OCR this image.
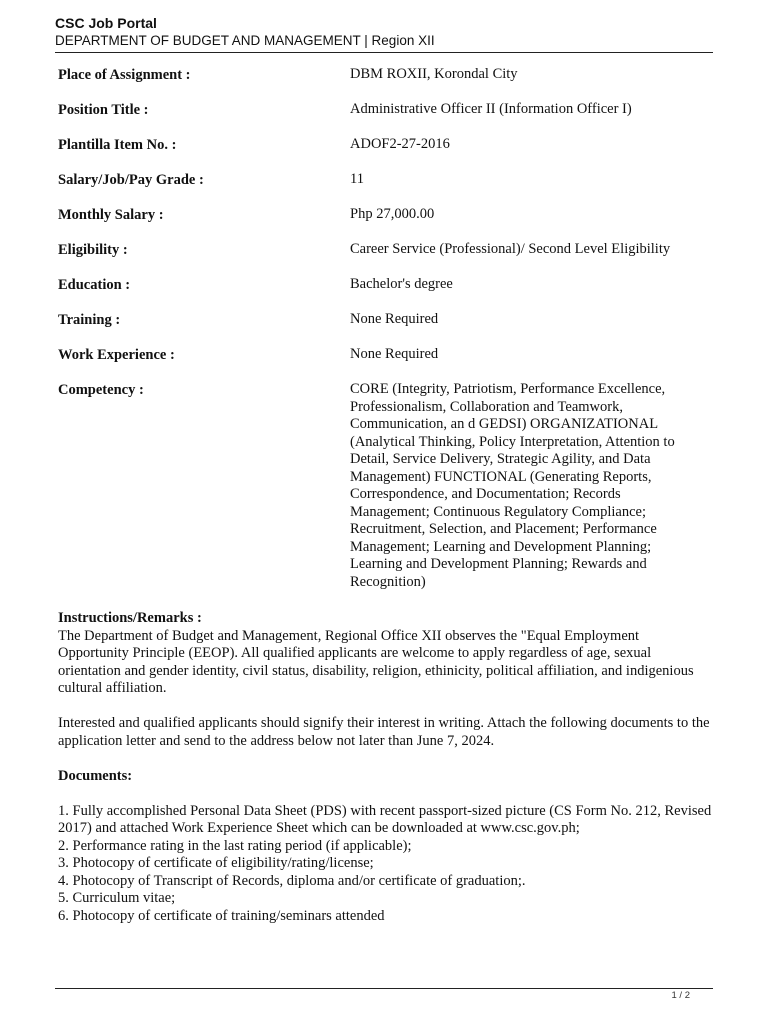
CSC Job Portal
DEPARTMENT OF BUDGET AND MANAGEMENT | Region XII
Place of Assignment :	DBM ROXII, Korondal City
Position Title :	Administrative Officer II (Information Officer I)
Plantilla Item No. :	ADOF2-27-2016
Salary/Job/Pay Grade :	11
Monthly Salary :	Php 27,000.00
Eligibility :	Career Service (Professional)/ Second Level Eligibility
Education :	Bachelor's degree
Training :	None Required
Work Experience :	None Required
Competency :	CORE (Integrity, Patriotism, Performance Excellence, Professionalism, Collaboration and Teamwork, Communication, an d GEDSI) ORGANIZATIONAL (Analytical Thinking, Policy Interpretation, Attention to Detail, Service Delivery, Strategic Agility, and Data Management) FUNCTIONAL (Generating Reports, Correspondence, and Documentation; Records Management; Continuous Regulatory Compliance; Recruitment, Selection, and Placement; Performance Management; Learning and Development Planning; Learning and Development Planning; Rewards and Recognition)
Instructions/Remarks :

The Department of Budget and Management, Regional Office XII observes the "Equal Employment Opportunity Principle (EEOP). All qualified applicants are welcome to apply regardless of age, sexual orientation and gender identity, civil status, disability, religion, ethinicity, political affiliation, and indigenious cultural affiliation.

Interested and qualified applicants should signify their interest in writing. Attach the following documents to the application letter and send to the address below not later than June 7, 2024.

Documents:
1. Fully accomplished Personal Data Sheet (PDS) with recent passport-sized picture (CS Form No. 212, Revised 2017) and attached Work Experience Sheet which can be downloaded at www.csc.gov.ph;
2. Performance rating in the last rating period (if applicable);
3. Photocopy of certificate of eligibility/rating/license;
4. Photocopy of Transcript of Records, diploma and/or certificate of graduation;.
5. Curriculum vitae;
6. Photocopy of certificate of training/seminars attended
1 / 2
